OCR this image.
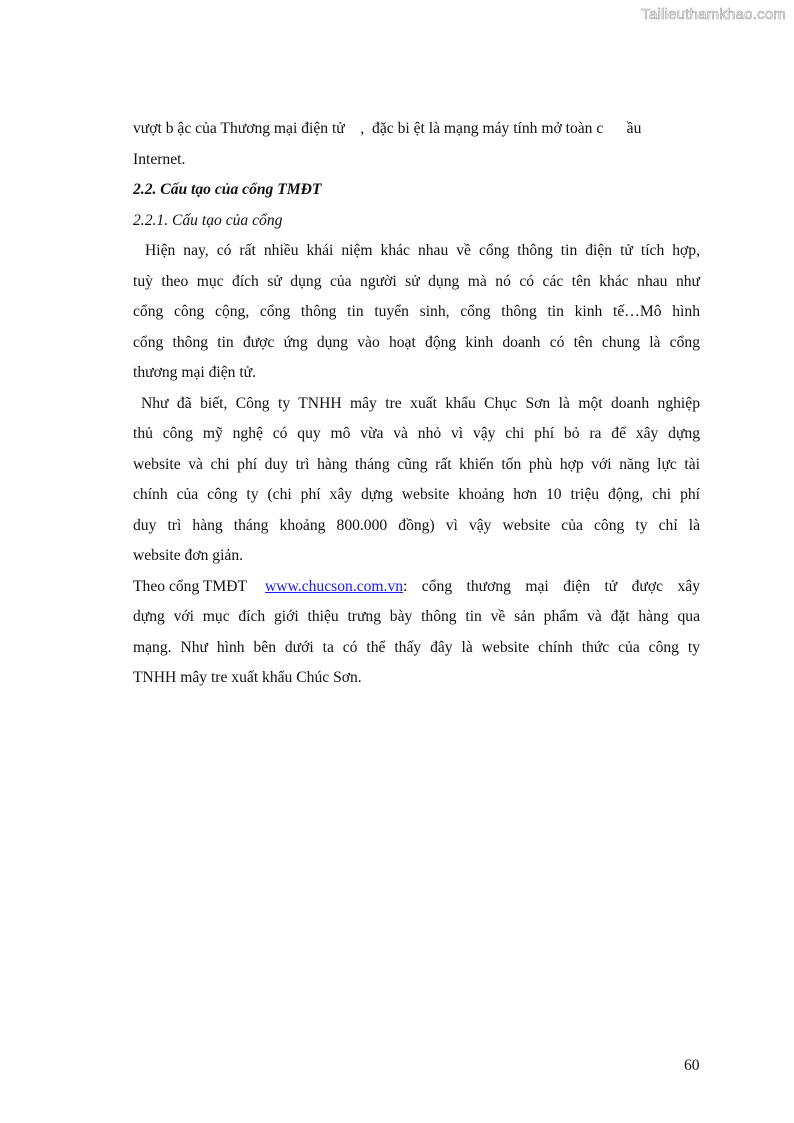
Tailieuthamkhao.com
vượt b ậc của Thương mại điện tử    ,  đặc bi ệt là mạng máy tính mở toàn c      ầu
Internet.
2.2. Cấu tạo của cổng TMĐT
2.2.1. Cấu tạo của cổng
Hiện nay, có rất nhiều khái niệm khác nhau về cổng thông tin điện tử tích hợp,
tuỳ theo mục đích sử dụng của người sử dụng mà nó có các tên khác nhau như
cổng công cộng, cổng thông tin tuyển sinh, cổng thông tin kinh tế…Mô hình
cổng thông tin được ứng dụng vào hoạt động kinh doanh có tên chung là cổng
thương mại điện tử.
Như đã biết, Công ty TNHH mây tre xuất khẩu Chục Sơn là một doanh nghiệp
thủ công mỹ nghệ có quy mô vừa và nhỏ vì vậy chi phí bỏ ra để xây dựng
website và chi phí duy trì hàng tháng cũng rất khiến tốn phù hợp với năng lực tài
chính của công ty (chi phí xây dựng website khoảng hơn 10 triệu động, chi phí
duy trì hàng tháng khoảng 800.000 đồng) vì vậy website của công ty chỉ là
website đơn giản.
Theo cổng TMĐT www.chucson.com.vn : cổng thương mại điện tử được xây
dựng với mục đích giới thiệu trưng bày thông tin về sản phẩm và đặt hàng qua
mạng. Như hình bên dưới ta có thể thấy đây là website chính thức của công ty
TNHH mây tre xuất khẩu Chúc Sơn.
60
